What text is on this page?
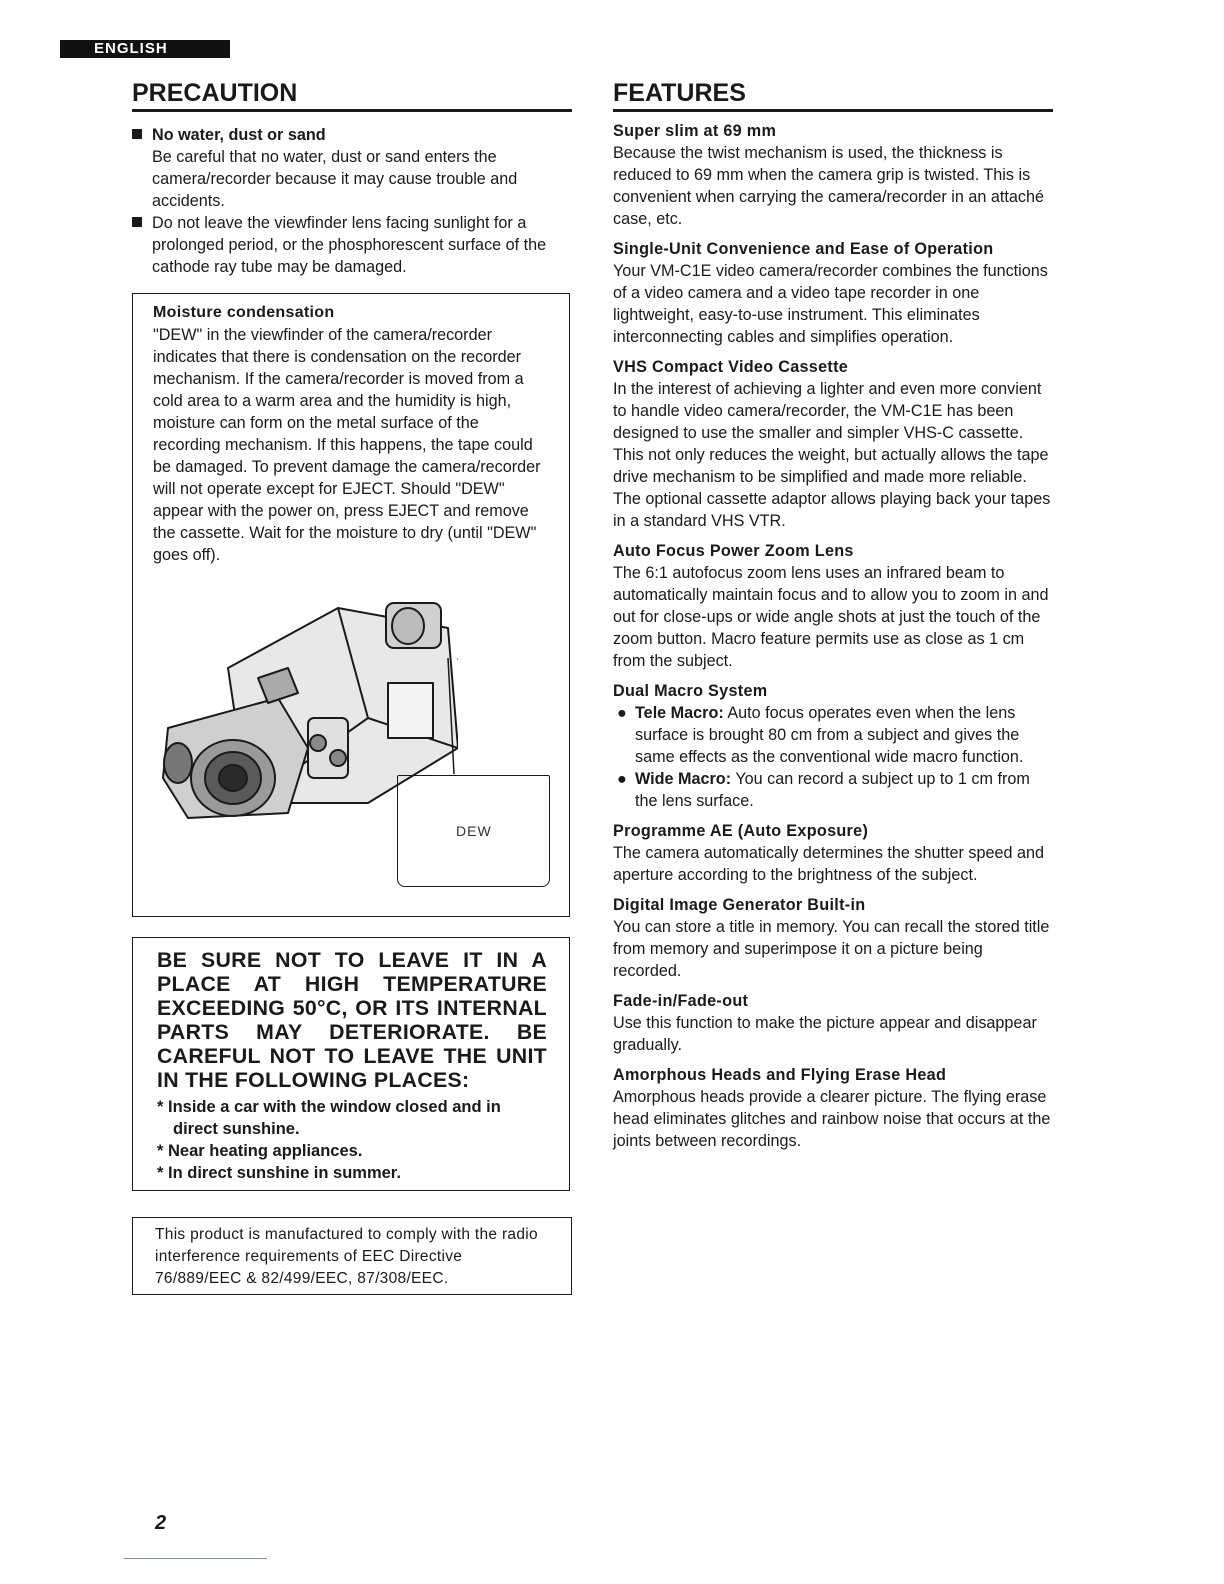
ENGLISH
PRECAUTION
No water, dust or sand
Be careful that no water, dust or sand enters the camera/recorder because it may cause trouble and accidents.
Do not leave the viewfinder lens facing sunlight for a prolonged period, or the phosphorescent surface of the cathode ray tube may be damaged.
Moisture condensation
"DEW" in the viewfinder of the camera/recorder indicates that there is condensation on the recorder mechanism. If the camera/recorder is moved from a cold area to a warm area and the humidity is high, moisture can form on the metal surface of the recording mechanism. If this happens, the tape could be damaged. To prevent damage the camera/recorder will not operate except for EJECT. Should "DEW" appear with the power on, press EJECT and remove the cassette. Wait for the moisture to dry (until "DEW" goes off).
DEW
BE SURE NOT TO LEAVE IT IN A PLACE AT HIGH TEMPERATURE EXCEEDING 50°C, OR ITS INTERNAL PARTS MAY DETERIORATE. BE CAREFUL NOT TO LEAVE THE UNIT IN THE FOLLOWING PLACES:
* Inside a car with the window closed and in direct sunshine.
* Near heating appliances.
* In direct sunshine in summer.
This product is manufactured to comply with the radio interference requirements of EEC Directive 76/889/EEC & 82/499/EEC, 87/308/EEC.
FEATURES
Super slim at 69 mm
Because the twist mechanism is used, the thickness is reduced to 69 mm when the camera grip is twisted. This is convenient when carrying the camera/recorder in an attaché case, etc.
Single-Unit Convenience and Ease of Operation
Your VM-C1E video camera/recorder combines the functions of a video camera and a video tape recorder in one lightweight, easy-to-use instrument. This eliminates interconnecting cables and simplifies operation.
VHS Compact Video Cassette
In the interest of achieving a lighter and even more convient to handle video camera/recorder, the VM-C1E has been designed to use the smaller and simpler VHS-C cassette. This not only reduces the weight, but actually allows the tape drive mechanism to be simplified and made more reliable.
The optional cassette adaptor allows playing back your tapes in a standard VHS VTR.
Auto Focus Power Zoom Lens
The 6:1 autofocus zoom lens uses an infrared beam to automatically maintain focus and to allow you to zoom in and out for close-ups or wide angle shots at just the touch of the zoom button. Macro feature permits use as close as 1 cm from the subject.
Dual Macro System
● Tele Macro: Auto focus operates even when the lens surface is brought 80 cm from a subject and gives the same effects as the conventional wide macro function.
● Wide Macro: You can record a subject up to 1 cm from the lens surface.
Programme AE (Auto Exposure)
The camera automatically determines the shutter speed and aperture according to the brightness of the subject.
Digital Image Generator Built-in
You can store a title in memory. You can recall the stored title from memory and superimpose it on a picture being recorded.
Fade-in/Fade-out
Use this function to make the picture appear and disappear gradually.
Amorphous Heads and Flying Erase Head
Amorphous heads provide a clearer picture. The flying erase head eliminates glitches and rainbow noise that occurs at the joints between recordings.
2
